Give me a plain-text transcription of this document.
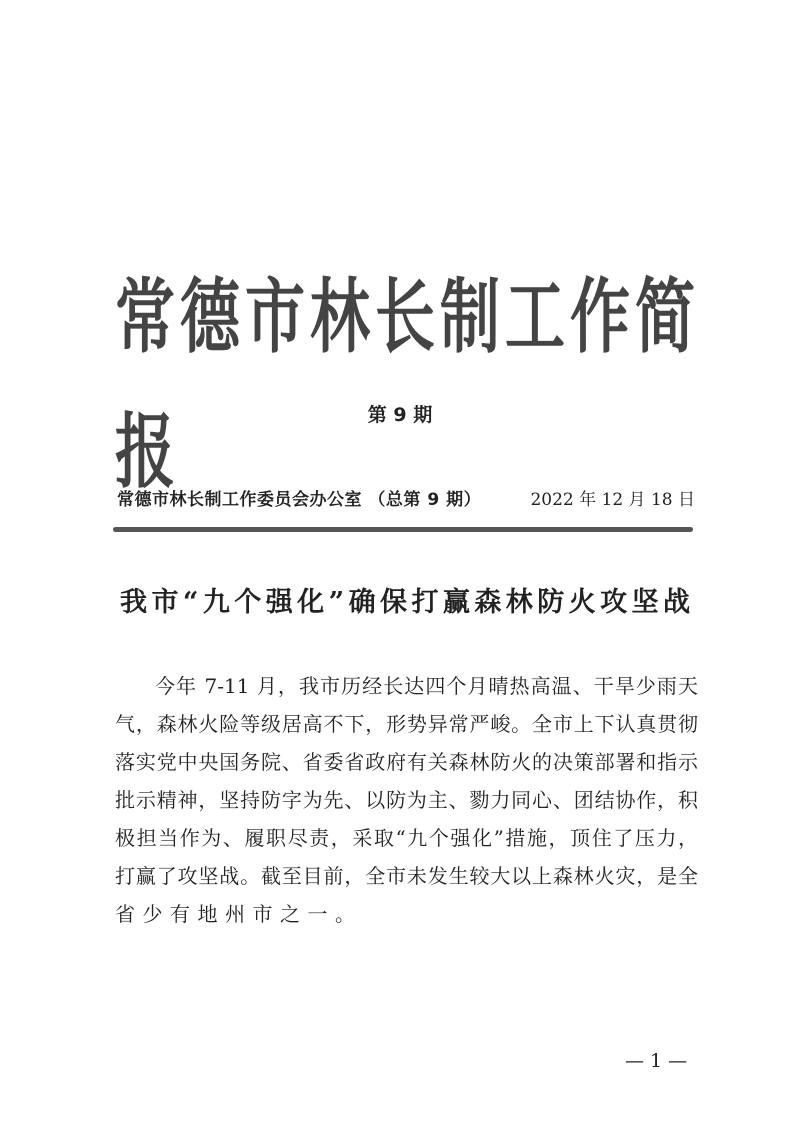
常德市林长制工作简报	第 9 期
常德市林长制工作委员会办公室 （总第 9 期）	2022 年 12 月 18 日
我市“九个强化”确保打赢森林防火攻坚战
今年 7-11 月，我市历经长达四个月晴热高温、干旱少雨天
气，森林火险等级居高不下，形势异常严峻。全市上下认真贯彻
落实党中央国务院、省委省政府有关森林防火的决策部署和指示
批示精神，坚持防字为先、以防为主、勠力同心、团结协作，积
极担当作为、履职尽责，采取“九个强化”措施，顶住了压力，
打赢了攻坚战。截至目前，全市未发生较大以上森林火灾，是全
省少有地州市之一。
— 1 —
